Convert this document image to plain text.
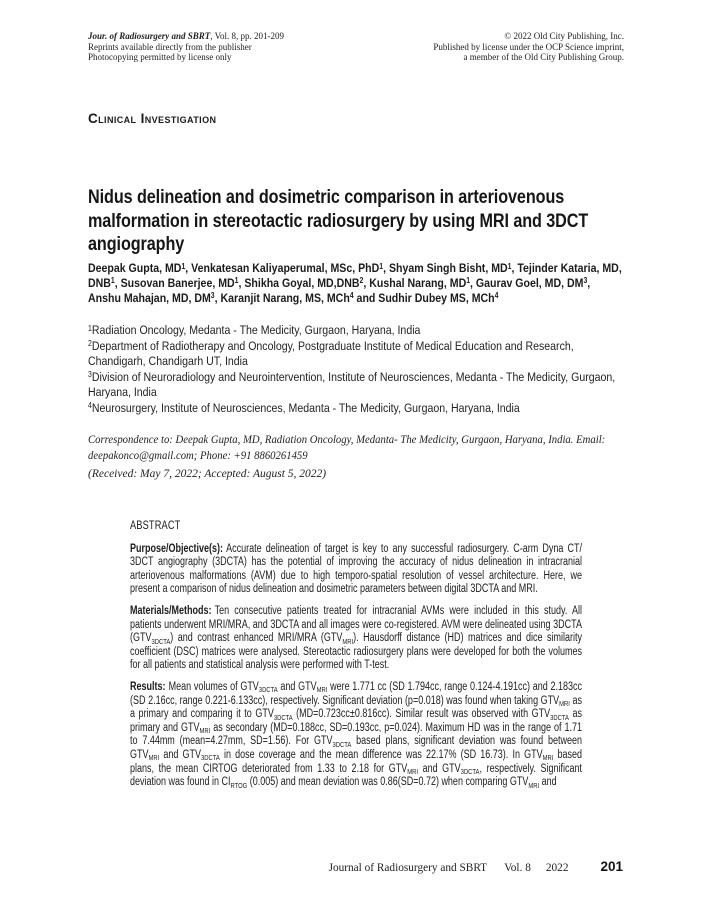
Jour. of Radiosurgery and SBRT, Vol. 8, pp. 201-209
Reprints available directly from the publisher
Photocopying permitted by license only
© 2022 Old City Publishing, Inc.
Published by license under the OCP Science imprint,
a member of the Old City Publishing Group.
Clinical Investigation
Nidus delineation and dosimetric comparison in arteriovenous malformation in stereotactic radiosurgery by using MRI and 3DCT angiography
Deepak Gupta, $MD^1$, Venkatesan Kaliyaperumal, MSc, PhD$^1$, Shyam Singh Bisht, $MD^1$, Tejinder Kataria, MD, DNB$^1$, Susovan Banerjee, $MD^1$, Shikha Goyal, MD,DNB$^2$, Kushal Narang, $MD^1$, Gaurav Goel, MD, $DM^3$, Anshu Mahajan, MD, $DM^3$, Karanjit Narang, MS, MCh$^4$ and Sudhir Dubey MS, MCh$^4$
$^1$Radiation Oncology, Medanta - The Medicity, Gurgaon, Haryana, India
$^2$Department of Radiotherapy and Oncology, Postgraduate Institute of Medical Education and Research, Chandigarh, Chandigarh UT, India
$^3$Division of Neuroradiology and Neurointervention, Institute of Neurosciences, Medanta - The Medicity, Gurgaon, Haryana, India
$^4$Neurosurgery, Institute of Neurosciences, Medanta - The Medicity, Gurgaon, Haryana, India
Correspondence to: Deepak Gupta, MD, Radiation Oncology, Medanta- The Medicity, Gurgaon, Haryana, India. Email: deepakonco@gmail.com; Phone: +91 8860261459
(Received: May 7, 2022; Accepted: August 5, 2022)
ABSTRACT

Purpose/Objective(s): Accurate delineation of target is key to any successful radiosurgery. C-arm Dyna CT/ 3DCT angiography (3DCTA) has the potential of improving the accuracy of nidus delineation in intracranial arteriovenous malformations (AVM) due to high temporo-spatial resolution of vessel architecture. Here, we present a comparison of nidus delineation and dosimetric parameters between digital 3DCTA and MRI.

Materials/Methods: Ten consecutive patients treated for intracranial AVMs were included in this study. All patients underwent MRI/MRA, and 3DCTA and all images were co-registered. AVM were delineated using 3DCTA $(GTV_{3DCTA})$ and contrast enhanced MRI/MRA $(GTV_{MRI})$. Hausdorff distance (HD) matrices and dice similarity coefficient (DSC) matrices were analysed. Stereotactic radiosurgery plans were developed for both the volumes for all patients and statistical analysis were performed with T-test.

Results: Mean volumes of $GTV_{3DCTA}$ and $GTV_{MRI}$ were 1.771 cc (SD 1.794cc, range 0.124-4.191cc) and 2.183cc (SD 2.16cc, range 0.221-6.133cc), respectively. Significant deviation (p=0.018) was found when taking $GTV_{MRI}$ as a primary and comparing it to $GTV_{3DCTA}$ (MD=0.723cc±0.816cc). Similar result was observed with $GTV_{3DCTA}$ as primary and $GTV_{MRI}$ as secondary (MD=0.188cc, SD=0.193cc, p=0.024). Maximum HD was in the range of 1.71 to 7.44mm (mean=4.27mm, SD=1.56). For $GTV_{3DCTA}$ based plans, significant deviation was found between $GTV_{MRI}$ and $GTV_{3DCTA}$ in dose coverage and the mean difference was 22.17% (SD 16.73). In $GTV_{MRI}$ based plans, the mean CIRTOG deteriorated from 1.33 to 2.18 for $GTV_{MRI}$ and $GTV_{3DCTA}$, respectively. Significant deviation was found in $CI_{RTOG}$ (0.005) and mean deviation was 0.86(SD=0.72) when comparing $GTV_{MRI}$ and

Journal of Radiosurgery and SBRT Vol. 8 2022 201
